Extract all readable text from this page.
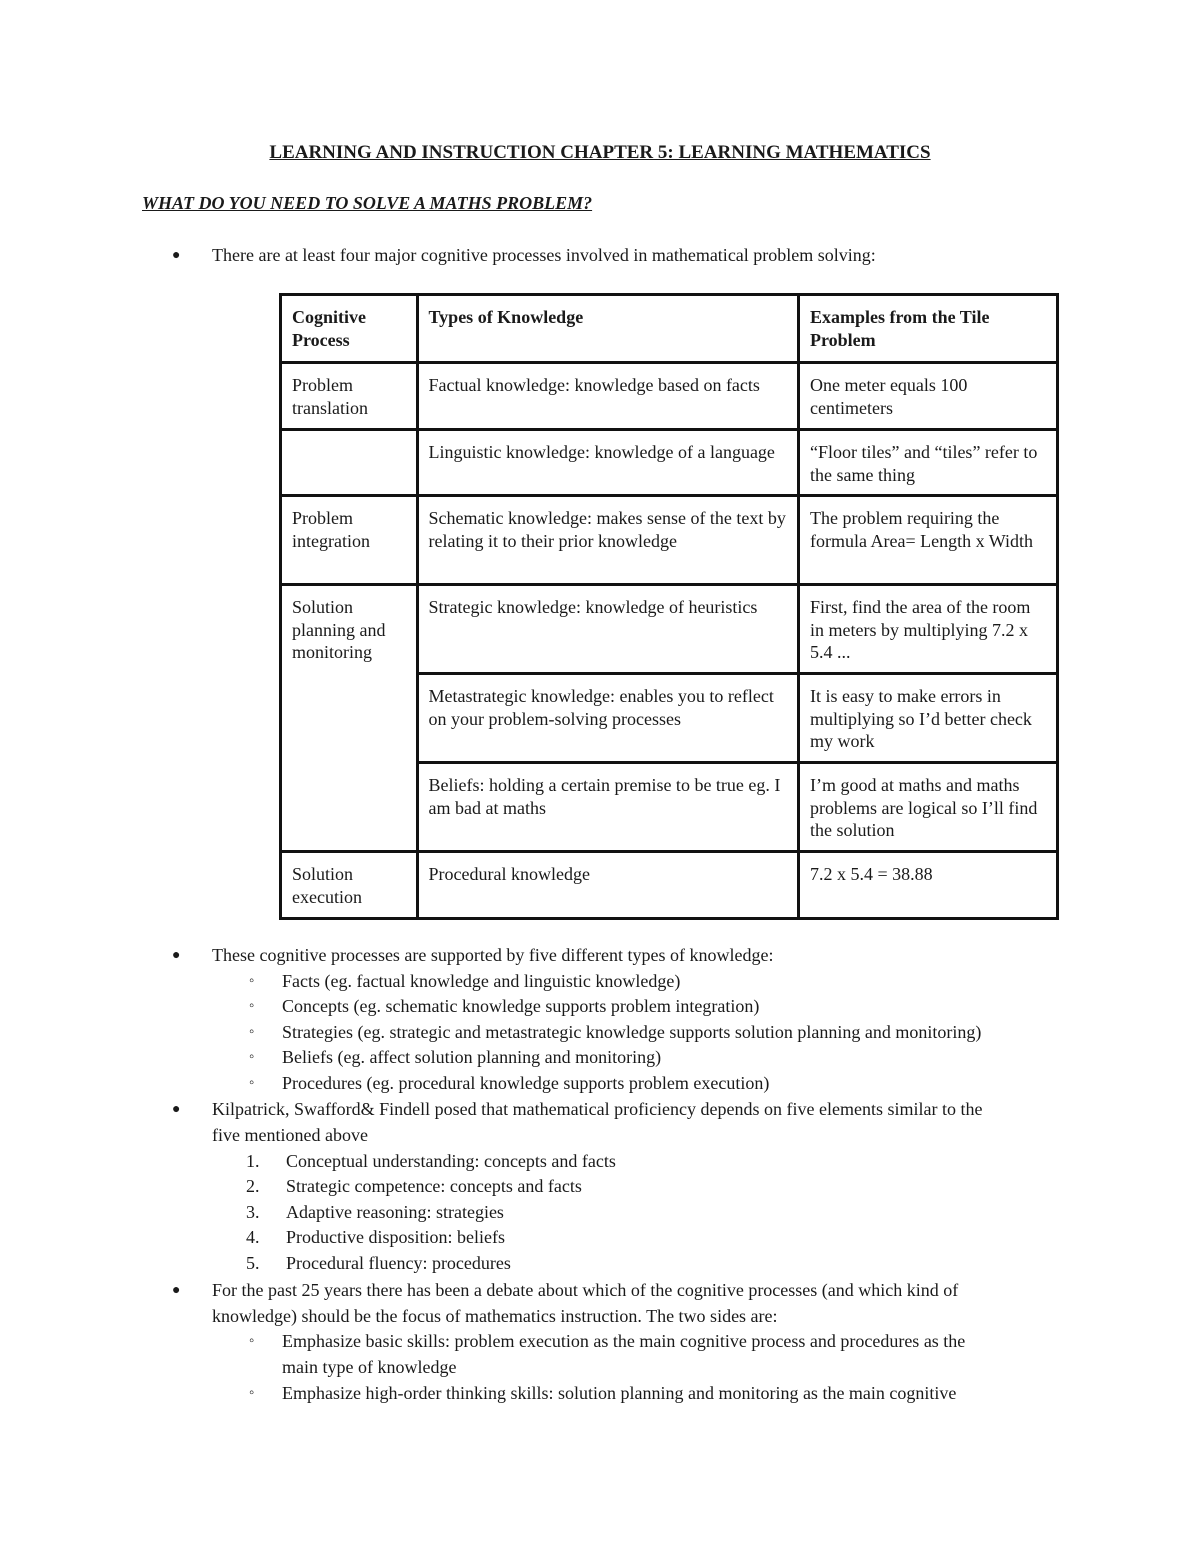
LEARNING AND INSTRUCTION CHAPTER 5: LEARNING MATHEMATICS
WHAT DO YOU NEED TO SOLVE A MATHS PROBLEM?
● There are at least four major cognitive processes involved in mathematical problem solving:
Cognitive Process	Types of Knowledge	Examples from the Tile Problem
Problem translation	Factual knowledge: knowledge based on facts	One meter equals 100 centimeters
	Linguistic knowledge: knowledge of a language	“Floor tiles” and “tiles” refer to the same thing
Problem integration	Schematic knowledge: makes sense of the text by relating it to their prior knowledge	The problem requiring the formula Area= Length x Width
Solution planning and monitoring	Strategic knowledge: knowledge of heuristics	First, find the area of the room in meters by multiplying 7.2 x 5.4 ...
	Metastrategic knowledge: enables you to reflect on your problem-solving processes	It is easy to make errors in multiplying so I’d better check my work
	Beliefs: holding a certain premise to be true eg. I am bad at maths	I’m good at maths and maths problems are logical so I’ll find the solution
Solution execution	Procedural knowledge	7.2 x 5.4 = 38.88
● These cognitive processes are supported by five different types of knowledge:
◦ Facts (eg. factual knowledge and linguistic knowledge)
◦ Concepts (eg. schematic knowledge supports problem integration)
◦ Strategies (eg. strategic and metastrategic knowledge supports solution planning and monitoring)
◦ Beliefs (eg. affect solution planning and monitoring)
◦ Procedures (eg. procedural knowledge supports problem execution)
● Kilpatrick, Swafford& Findell posed that mathematical proficiency depends on five elements similar to the
five mentioned above
1. Conceptual understanding: concepts and facts
2. Strategic competence: concepts and facts
3. Adaptive reasoning: strategies
4. Productive disposition: beliefs
5. Procedural fluency: procedures
● For the past 25 years there has been a debate about which of the cognitive processes (and which kind of
knowledge) should be the focus of mathematics instruction. The two sides are:
◦ Emphasize basic skills: problem execution as the main cognitive process and procedures as the
main type of knowledge
◦ Emphasize high-order thinking skills: solution planning and monitoring as the main cognitive
